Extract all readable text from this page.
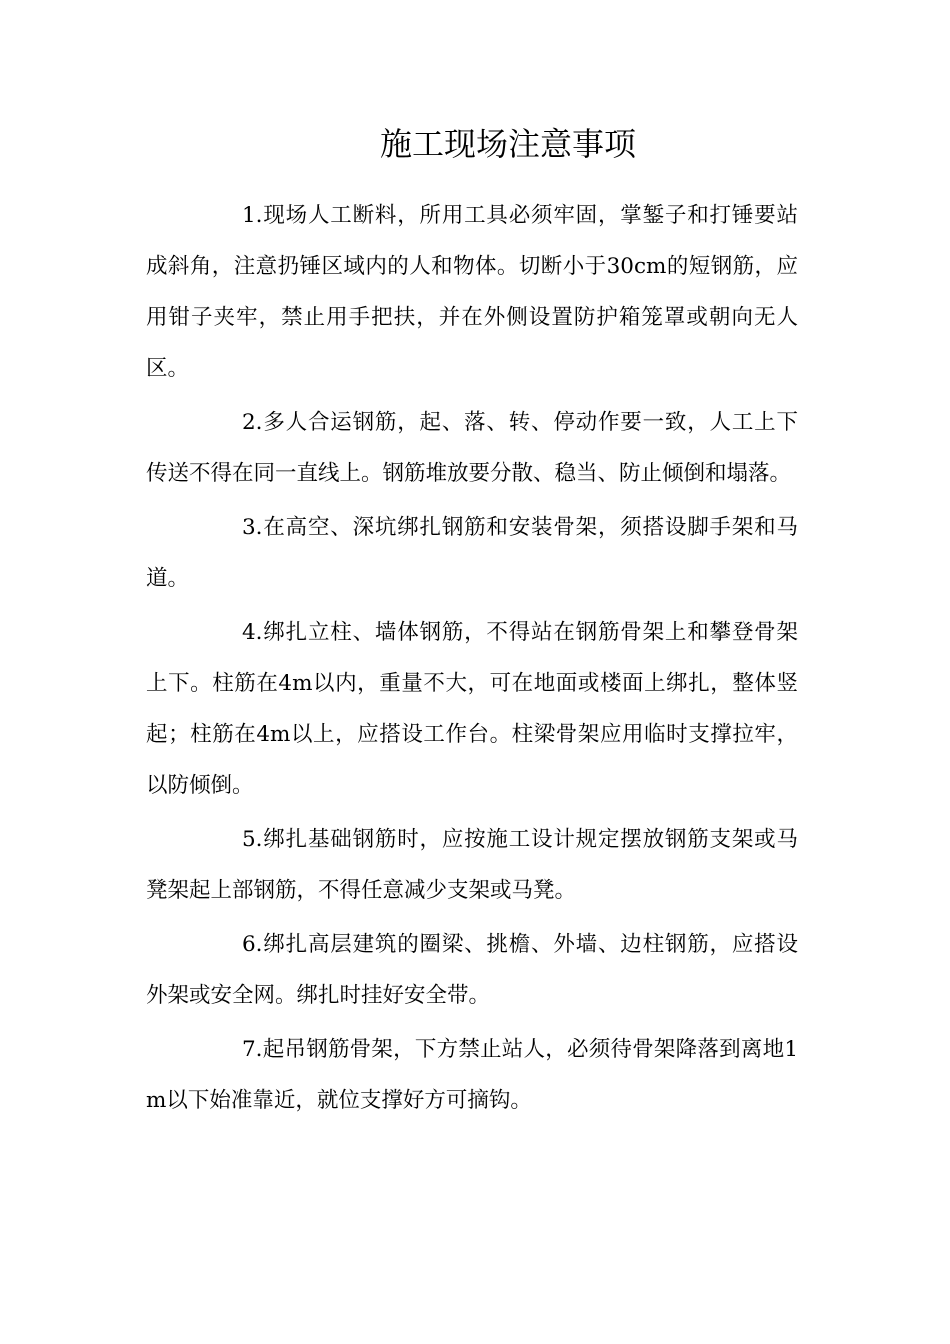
施工现场注意事项

1.现场人工断料，所用工具必须牢固，掌錾子和打锤要站成斜角，注意扔锤区域内的人和物体。切断小于30cm的短钢筋，应用钳子夹牢，禁止用手把扶，并在外侧设置防护箱笼罩或朝向无人区。

2.多人合运钢筋，起、落、转、停动作要一致，人工上下传送不得在同一直线上。钢筋堆放要分散、稳当、防止倾倒和塌落。

3.在高空、深坑绑扎钢筋和安装骨架，须搭设脚手架和马道。

4.绑扎立柱、墙体钢筋，不得站在钢筋骨架上和攀登骨架上下。柱筋在4m以内，重量不大，可在地面或楼面上绑扎，整体竖起；柱筋在4m以上，应搭设工作台。柱梁骨架应用临时支撑拉牢，以防倾倒。

5.绑扎基础钢筋时，应按施工设计规定摆放钢筋支架或马凳架起上部钢筋，不得任意减少支架或马凳。

6.绑扎高层建筑的圈梁、挑檐、外墙、边柱钢筋，应搭设外架或安全网。绑扎时挂好安全带。

7.起吊钢筋骨架，下方禁止站人，必须待骨架降落到离地1m以下始准靠近，就位支撑好方可摘钩。
